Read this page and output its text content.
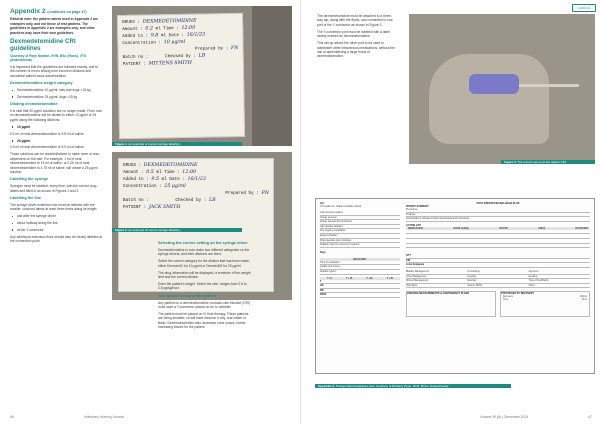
Appendix 2 (continues on page 47)

Editorial note: the patient names used in Appendix 2 are examples only, and not those of real patients. The guidelines in Appendix 2 are examples only, and other practices may have their own guidelines.

Dexmedetomidine CRI guidelines

Courtesy of Faye Newton, RVN, BSc (Hons), VTS (Anaesthesia).

It is important that the guidelines are followed exactly, due to the number of errors arising from incorrect dilutions and accidental patient bolus administration.

Dexmedetomidine weight category
Dexmedetomidine 10 µg/ml: cats and dogs <15 kg
Dexmedetomidine 25 µg/ml: dogs >15 kg
Diluting dexmedetomidine

It is vital that 50 µg/ml solutions are no longer made. From now on dexmedetomidine will be diluted to either 10 µg/ml or 25 µg/ml using the following dilutions:

10 µg/ml

0.2 ml of neat dexmedetomidine to 9.8 ml of saline

25 µg/ml

0.5 ml of neat dexmedetomidine to 9.5 ml of saline

These solutions can be doubled/halved to make more or less, dependent on the rate. For example, 1 ml of neat dexmedetomidine to 19 ml of saline, or 0.25 ml of neat dexmedetomidine to 4.75 ml of saline, will create a 25 µg/ml solution.

Labelling the syringe

Syringes must be labelled, every time, with the correct drug labels and filled in as shown in Figures 1 and 2.

Labelling the line

The syringe driver extension line must be labelled with the smaller, coloured labels at least three times along its length:

just after the syringe driver
about halfway along the line
at the Y-connector.

Any additional extension lines should also be clearly labelled at the connection point.

DRUGS : DEXMEDETOMIDINE
Amount : 0.2 ml Time : 12:00
Added to : 9.8 ml Date : 16/1/23
Concentration : 10 μg/ml
Prepared by : FN
Batch no :	Checked by : LB
PATIENT : MITTENS SMITH
Figure 1. An example of correct syringe labelling.
DRUGS : DEXMEDETOMIDINE
Amount : 0.5 ml Time : 12:00
Added to : 9.5 ml Date : 16/1/23
Concentration : 25 μg/ml
Prepared by : FN
Batch no :	Checked by : LB
PATIENT : JACK SMITH
Figure 2. An example of correct syringe labelling.
Selecting the correct setting on the syringe driver

Dexmedetomidine is now under two different categories on the syringe drivers, and their dilutions are fixed.

Select the correct category for the dilution that has been made, either Dexmed10 for 10 µg/ml or Dexmed25 for 25 µg/ml.

The drug information will be displayed, a reminder of the weight limit and the correct dilution.

Enter the patient's weight. Select the rate: ranges from 0.5 to 2.5 µg/kg/hour.

The correct set-up at the patient

Any patient on a dexmedetomidine constant-rate infusion (CRI) must have a Y-connector placed on its IV catheter.

The patient must be placed on IV fluid therapy. These patients are being sedated, so will have minimal, if any, oral intake of fluids. Dexmedetomidine also increases urine output, further increasing losses for the patient.

46	Veterinary Nursing Journal
CLINICAL

The dexmedetomidine must be attached to a three-way tap, along with the fluids, and connected to one port of the Y-connector as shown in Figure 3.

The Y-connector port must be labelled with a label clearly marked as dexmedetomidine.

This set-up allows the other port to be used to administer other intravenous medications, without the risk of administering a large bolus of dexmedetomidine.

Figure 3. The correct set-up at the patient CRI.
Vet:
This patient is: Stable Unstable Critical
Cell recovery location
Airway secured
Airway opened and monitored
Lab samples labelled
Any ongoing complaints
Express bladder
Post-operative plan complete
Sedation plan for recovery if required
Sign:
RECOVERY
Time of extubation:
Quality of recovery:
Sedation given:
T +0	T +15	T +30	T +45
T
HR
RR
SPO2
POST OPERATIVE/ANALGESIA PLAN
PATIENT SUMMARY
Procedure:
Findings:
Complications: (Please include anaesthesia and procedure)
ACTION LIST
MEDICATION	DOSE (ml/kg)	ROUTE	FREQ	DURATION
OTT
CRI
Local Analgesia
Bladder Management
Urine Management
Wound Management
Vital Signs
Ice Packing
Feeding
Exercise
Sooner Within
Glycemic
Feeding
Time of food/fluids
Other
ONGOING MEASUREMENTS & CONTINGENCY PLANS	STRATEGIES BY RECOVERY
Recovery	Words
Time	Time
Appendix 3. Postoperative/analgesia plan. Courtesy of Bethany Pope, RVN, BCvm (Anaesthesia).
Volume 39 (6) • December 2024	47
